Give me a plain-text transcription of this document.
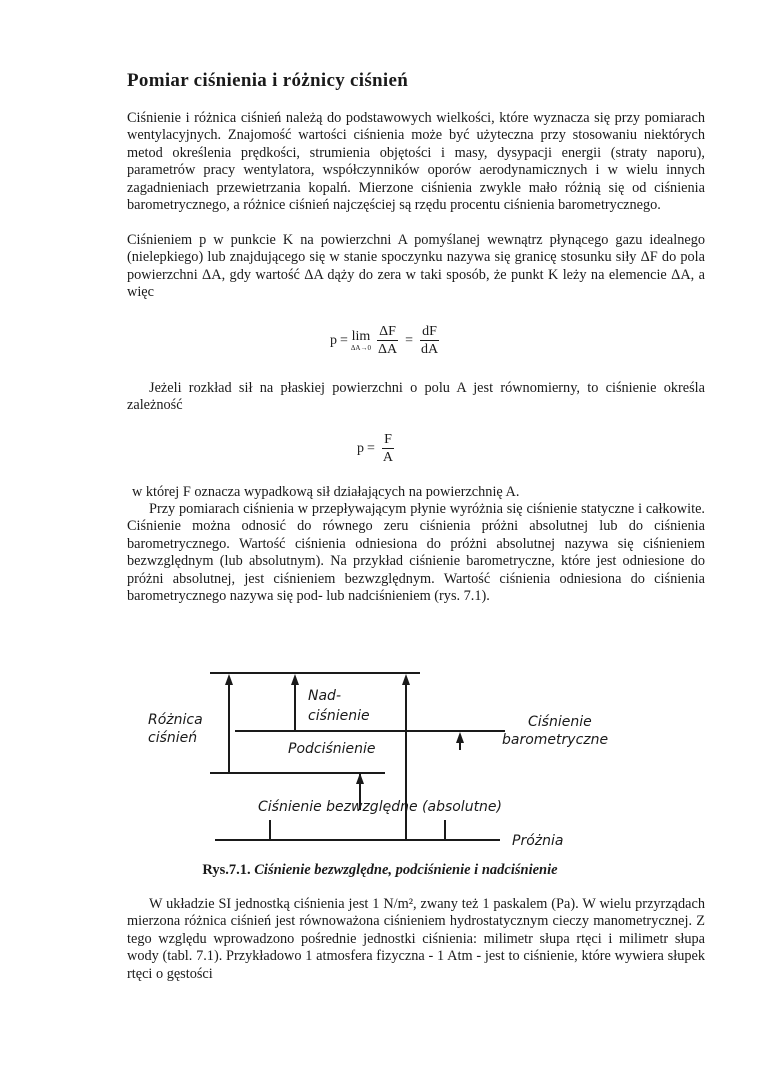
Pomiar ciśnienia i różnicy ciśnień

Ciśnienie i różnica ciśnień należą do podstawowych wielkości, które wyznacza się przy pomiarach wentylacyjnych. Znajomość wartości ciśnienia może być użyteczna przy stosowaniu niektórych metod określenia prędkości, strumienia objętości i masy, dysypacji energii (straty naporu), parametrów pracy wentylatora, współczynników oporów aerodynamicznych i w wielu innych zagadnieniach przewietrzania kopalń. Mierzone ciśnienia zwykle mało różnią się od ciśnienia barometrycznego, a różnice ciśnień najczęściej są rzędu procentu ciśnienia barometrycznego.

Ciśnieniem p w punkcie K na powierzchni A pomyślanej wewnątrz płynącego gazu idealnego (nielepkiego) lub znajdującego się w stanie spoczynku nazywa się granicę stosunku siły ΔF do pola powierzchni ΔA, gdy wartość ΔA dąży do zera w taki sposób, że punkt K leży na elemencie ΔA, a więc

p = lim
$\Delta A\to 0 \frac{\Delta F}{\Delta A} = \frac{dF}{dA}$

Jeżeli rozkład sił na płaskiej powierzchni o polu A jest równomierny, to ciśnienie określa zależność

$p = \frac{F}{A}$

w której F oznacza wypadkową sił działających na powierzchnię A.

Przy pomiarach ciśnienia w przepływającym płynie wyróżnia się ciśnienie statyczne i całkowite. Ciśnienie można odnosić do równego zeru ciśnienia próżni absolutnej lub do ciśnienia barometrycznego. Wartość ciśnienia odniesiona do próżni absolutnej nazywa się ciśnieniem bezwzględnym (lub absolutnym). Na przykład ciśnienie barometryczne, które jest odniesione do próżni absolutnej, jest ciśnieniem bezwzględnym. Wartość ciśnienia odniesiona do ciśnienia barometrycznego nazywa się pod- lub nadciśnieniem (rys. 7.1).

Różnica
ciśnień
Nad-
ciśnienie
Podciśnienie
Ciśnienie
barometryczne
Ciśnienie bezwzględne (absolutne)
Próżnia
Rys.7.1. Ciśnienie bezwzględne, podciśnienie i nadciśnienie

W układzie SI jednostką ciśnienia jest 1 N/m², zwany też 1 paskalem (Pa). W wielu przyrządach mierzona różnica ciśnień jest równoważona ciśnieniem hydrostatycznym cieczy manometrycznej. Z tego względu wprowadzono pośrednie jednostki ciśnienia: milimetr słupa rtęci i milimetr słupa wody (tabl. 7.1). Przykładowo 1 atmosfera fizyczna - 1 Atm - jest to ciśnienie, które wywiera słupek rtęci o gęstości
